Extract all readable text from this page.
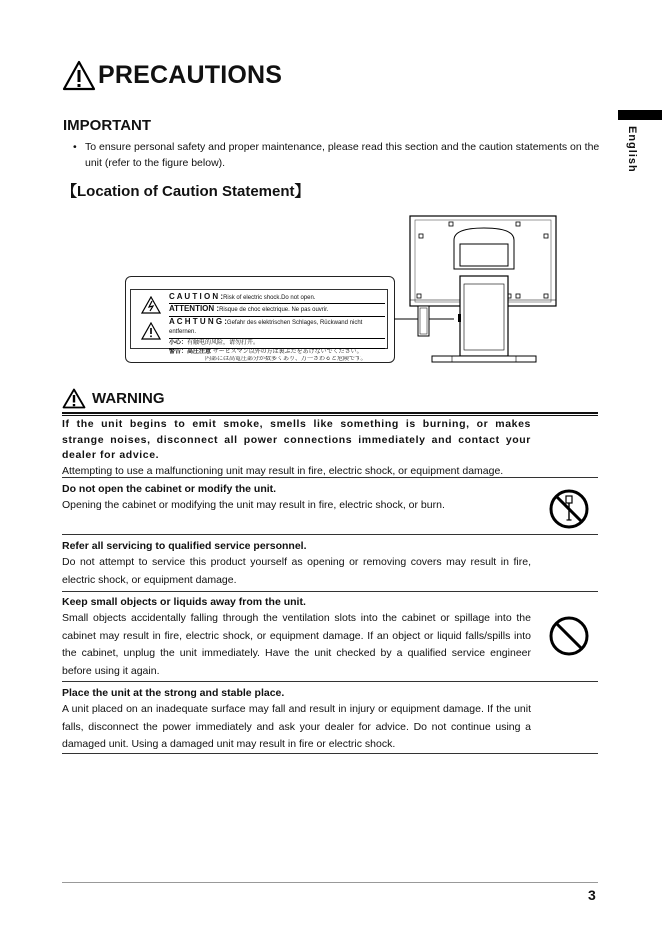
PRECAUTIONS
English
IMPORTANT
• To ensure personal safety and proper maintenance, please read this section and the caution statements on the unit (refer to the figure below).
【Location of Caution Statement】
C A U T I O N :Risk of electric shock.Do not open.
ATTENTION :Risque de choc electrique. Ne pas ouvrir.
A C H T U N G :Gefahr des elektrischen Schlages, Rückwand nicht entfernen.
小心：有触电的风险，请勿打开。
警告：高圧注意 サービスマン以外の方は裏ぶたをあけないでください。
内部には高電圧部分が数多くあり、万一さわると危険です。
WARNING
If the unit begins to emit smoke, smells like something is burning, or makes strange noises, disconnect all power connections immediately and contact your dealer for advice.
Attempting to use a malfunctioning unit may result in fire, electric shock, or equipment damage.
Do not open the cabinet or modify the unit.
Opening the cabinet or modifying the unit may result in fire, electric shock, or burn.
Refer all servicing to qualified service personnel.
Do not attempt to service this product yourself as opening or removing covers may result in fire, electric shock, or equipment damage.
Keep small objects or liquids away from the unit.
Small objects accidentally falling through the ventilation slots into the cabinet or spillage into the cabinet may result in fire, electric shock, or equipment damage. If an object or liquid falls/spills into the cabinet, unplug the unit immediately. Have the unit checked by a qualified service engineer before using it again.
Place the unit at the strong and stable place.
A unit placed on an inadequate surface may fall and result in injury or equipment damage. If the unit falls, disconnect the power immediately and ask your dealer for advice. Do not continue using a damaged unit. Using a damaged unit may result in fire or electric shock.
3
